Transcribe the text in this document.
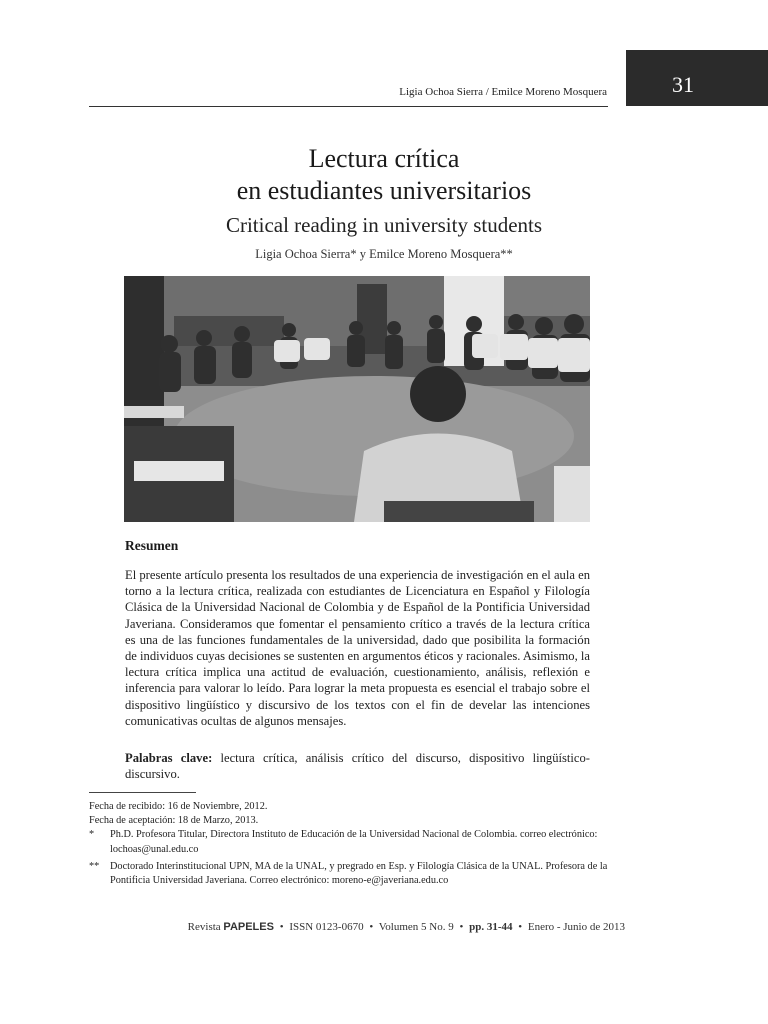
31
Ligia Ochoa Sierra / Emilce Moreno Mosquera
Lectura crítica
en estudiantes universitarios
Critical reading in university students
Ligia Ochoa Sierra* y Emilce Moreno Mosquera**
Resumen

El presente artículo presenta los resultados de una experiencia de investigación en el aula en torno a la lectura crítica, realizada con estudiantes de Licenciatura en Español y Filología Clásica de la Universidad Nacional de Colombia y de Español de la Pontificia Universidad Javeriana. Consideramos que fomentar el pensamiento crítico a través de la lectura crítica es una de las funciones fundamentales de la universidad, dado que posibilita la formación de individuos cuyas decisiones se sustenten en argumentos éticos y racionales. Asimismo, la lectura crítica implica una actitud de evaluación, cuestionamiento, análisis, reflexión e inferencia para valorar lo leído. Para lograr la meta propuesta es esencial el trabajo sobre el dispositivo lingüístico y discursivo de los textos con el fin de develar las intenciones comunicativas ocultas de algunos mensajes.

Palabras clave: lectura crítica, análisis crítico del discurso, dispositivo lingüístico-discursivo.

Fecha de recibido: 16 de Noviembre, 2012.

Fecha de aceptación: 18 de Marzo, 2013.

* Ph.D. Profesora Titular, Directora Instituto de Educación de la Universidad Nacional de Colombia. correo electrónico: lochoas@unal.edu.co

** Doctorado Interinstitucional UPN, MA de la UNAL, y pregrado en Esp. y Filología Clásica de la UNAL. Profesora de la Pontificia Universidad Javeriana. Correo electrónico: moreno-e@javeriana.edu.co

Revista PAPELES • ISSN 0123-0670 • Volumen 5 No. 9 • pp. 31-44 • Enero - Junio de 2013
